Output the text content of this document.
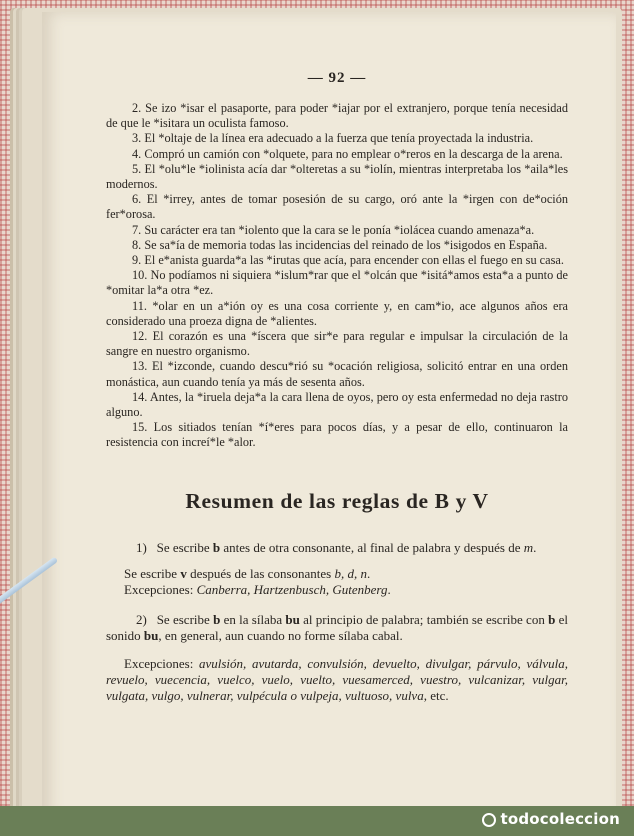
— 92 —

2. Se izo *isar el pasaporte, para poder *iajar por el extranjero, porque tenía necesidad de que le *isitara un oculista famoso.

3. El *oltaje de la línea era adecuado a la fuerza que tenía proyectada la industria.

4. Compró un camión con *olquete, para no emplear o*reros en la descarga de la arena.

5. El *olu*le *iolinista acía dar *olteretas a su *iolín, mientras interpretaba los *aila*les modernos.

6. El *irrey, antes de tomar posesión de su cargo, oró ante la *irgen con de*oción fer*orosa.

7. Su carácter era tan *iolento que la cara se le ponía *iolácea cuando amenaza*a.

8. Se sa*ía de memoria todas las incidencias del reinado de los *isigodos en España.

9. El e*anista guarda*a las *irutas que acía, para encender con ellas el fuego en su casa.

10. No podíamos ni siquiera *islum*rar que el *olcán que *isitá*amos esta*a a punto de *omitar la*a otra *ez.

11. *olar en un a*ión oy es una cosa corriente y, en cam*io, ace algunos años era considerado una proeza digna de *alientes.

12. El corazón es una *íscera que sir*e para regular e impulsar la circulación de la sangre en nuestro organismo.

13. El *izconde, cuando descu*rió su *ocación religiosa, solicitó entrar en una orden monástica, aun cuando tenía ya más de sesenta años.

14. Antes, la *iruela deja*a la cara llena de oyos, pero oy esta enfermedad no deja rastro alguno.

15. Los sitiados tenían *í*eres para pocos días, y a pesar de ello, continuaron la resistencia con increí*le *alor.

Resumen de las reglas de B y V

1) Se escribe b antes de otra consonante, al final de palabra y después de m.

Se escribe v después de las consonantes b, d, n.

Excepciones: Canberra, Hartzenbusch, Gutenberg.

2) Se escribe b en la sílaba bu al principio de palabra; también se escribe con b el sonido bu, en general, aun cuando no forme sílaba cabal.

Excepciones: avulsión, avutarda, convulsión, devuelto, divulgar, párvulo, válvula, revuelo, vuecencia, vuelco, vuelo, vuelto, vuesamerced, vuestro, vulcanizar, vulgar, vulgata, vulgo, vulnerar, vulpécula o vulpeja, vultuoso, vulva, etc.

todocoleccion
